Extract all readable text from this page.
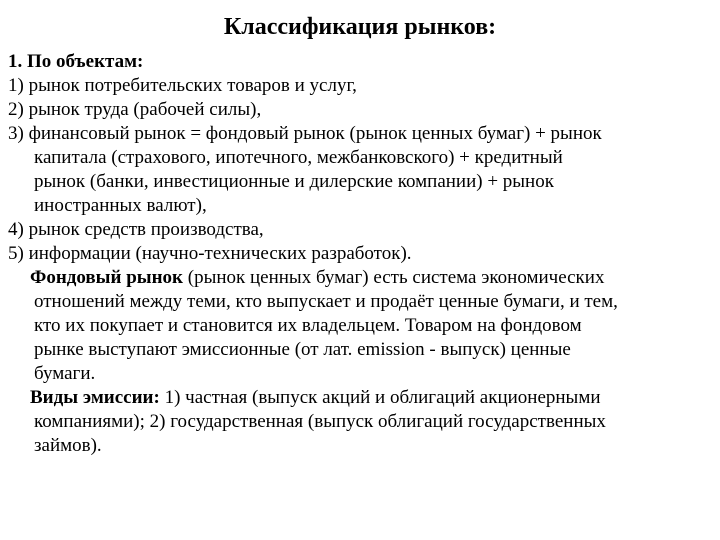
Классификация рынков:
1. По объектам:
1) рынок потребительских товаров и услуг,
2) рынок труда (рабочей силы),
3) финансовый рынок = фондовый рынок (рынок ценных бумаг) + рынок
капитала (страхового, ипотечного, межбанковского) + кредитный
рынок (банки, инвестиционные и дилерские компании) + рынок
иностранных валют),
4) рынок средств производства,
5) информации (научно-технических разработок).
Фондовый рынок (рынок ценных бумаг) есть система экономических
отношений между теми, кто выпускает и продаёт ценные бумаги, и тем,
кто их покупает и становится их владельцем. Товаром на фондовом
рынке выступают эмиссионные (от лат. emission - выпуск) ценные
бумаги.
Виды эмиссии: 1) частная (выпуск акций и облигаций акционерными
компаниями); 2) государственная (выпуск облигаций государственных
займов).
